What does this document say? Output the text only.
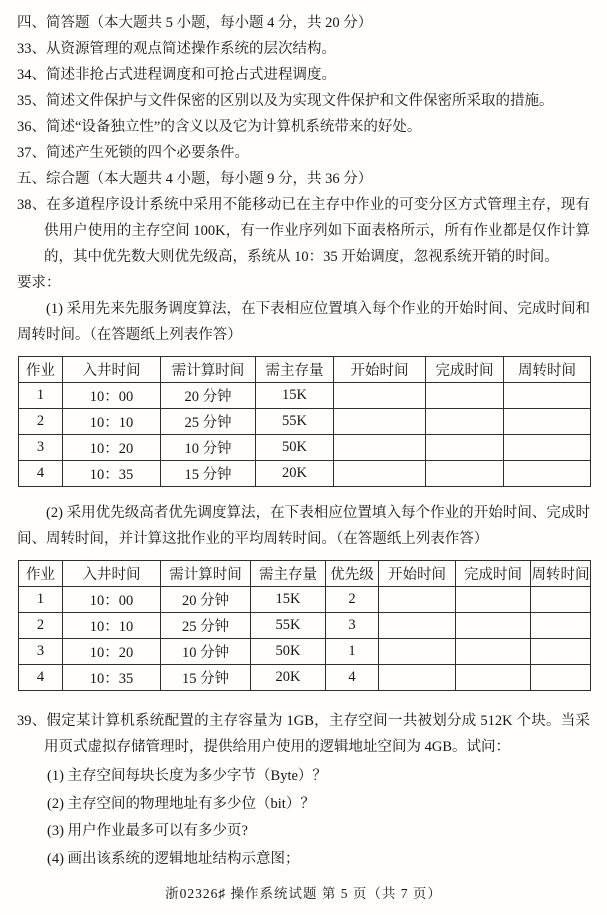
四、简答题（本大题共 5 小题，每小题 4 分，共 20 分）
33、从资源管理的观点简述操作系统的层次结构。
34、简述非抢占式进程调度和可抢占式进程调度。
35、简述文件保护与文件保密的区别以及为实现文件保护和文件保密所采取的措施。
36、简述“设备独立性”的含义以及它为计算机系统带来的好处。
37、简述产生死锁的四个必要条件。
五、综合题（本大题共 4 小题，每小题 9 分，共 36 分）
38、在多道程序设计系统中采用不能移动已在主存中作业的可变分区方式管理主存，现有供用户使用的主存空间 100K，有一作业序列如下面表格所示，所有作业都是仅作计算的，其中优先数大则优先级高，系统从 10：35 开始调度，忽视系统开销的时间。
要求：
(1) 采用先来先服务调度算法，在下表相应位置填入每个作业的开始时间、完成时间和周转时间。（在答题纸上列表作答）
作业	入井时间	需计算时间	需主存量	开始时间	完成时间	周转时间
1	10：00	20 分钟	15K			
2	10：10	25 分钟	55K			
3	10：20	10 分钟	50K			
4	10：35	15 分钟	20K			
(2) 采用优先级高者优先调度算法，在下表相应位置填入每个作业的开始时间、完成时间、周转时间，并计算这批作业的平均周转时间。（在答题纸上列表作答）
作业	入井时间	需计算时间	需主存量	优先级	开始时间	完成时间	周转时间
1	10：00	20 分钟	15K	2			
2	10：10	25 分钟	55K	3			
3	10：20	10 分钟	50K	1			
4	10：35	15 分钟	20K	4			
39、假定某计算机系统配置的主存容量为 1GB，主存空间一共被划分成 512K 个块。当采用页式虚拟存储管理时，提供给用户使用的逻辑地址空间为 4GB。试问：
(1) 主存空间每块长度为多少字节（Byte）？
(2) 主存空间的物理地址有多少位（bit）？
(3) 用户作业最多可以有多少页?
(4) 画出该系统的逻辑地址结构示意图；
浙02326♯ 操作系统试题 第 5 页（共 7 页）
